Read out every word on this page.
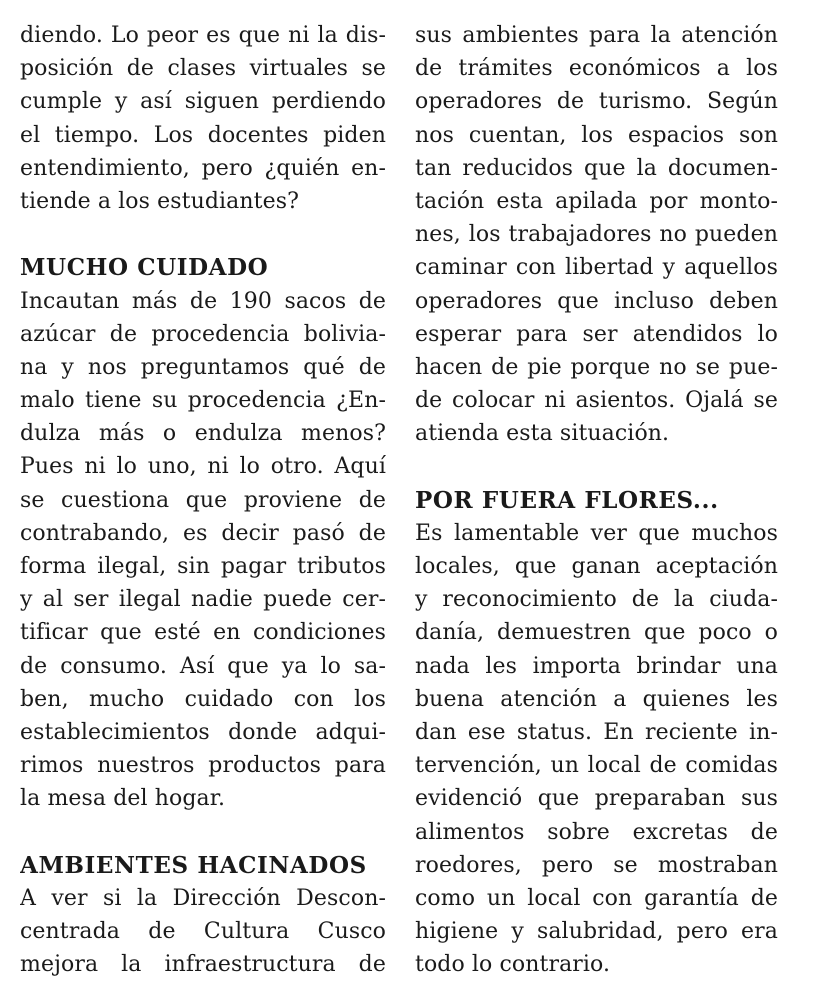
diendo. Lo peor es que ni la dis-
posición de clases virtuales se
cumple y así siguen perdiendo
el tiempo. Los docentes piden
entendimiento, pero ¿quién en-
tiende a los estudiantes?
MUCHO CUIDADO
Incautan más de 190 sacos de
azúcar de procedencia bolivia-
na y nos preguntamos qué de
malo tiene su procedencia ¿En-
dulza más o endulza menos?
Pues ni lo uno, ni lo otro. Aquí
se cuestiona que proviene de
contrabando, es decir pasó de
forma ilegal, sin pagar tributos
y al ser ilegal nadie puede cer-
tificar que esté en condiciones
de consumo. Así que ya lo sa-
ben, mucho cuidado con los
establecimientos donde adqui-
rimos nuestros productos para
la mesa del hogar.
AMBIENTES HACINADOS
A ver si la Dirección Descon-
centrada de Cultura Cusco
mejora la infraestructura de
sus ambientes para la atención
de trámites económicos a los
operadores de turismo. Según
nos cuentan, los espacios son
tan reducidos que la documen-
tación esta apilada por monto-
nes, los trabajadores no pueden
caminar con libertad y aquellos
operadores que incluso deben
esperar para ser atendidos lo
hacen de pie porque no se pue-
de colocar ni asientos. Ojalá se
atienda esta situación.
POR FUERA FLORES...
Es lamentable ver que muchos
locales, que ganan aceptación
y reconocimiento de la ciuda-
danía, demuestren que poco o
nada les importa brindar una
buena atención a quienes les
dan ese status. En reciente in-
tervención, un local de comidas
evidenció que preparaban sus
alimentos sobre excretas de
roedores, pero se mostraban
como un local con garantía de
higiene y salubridad, pero era
todo lo contrario.
